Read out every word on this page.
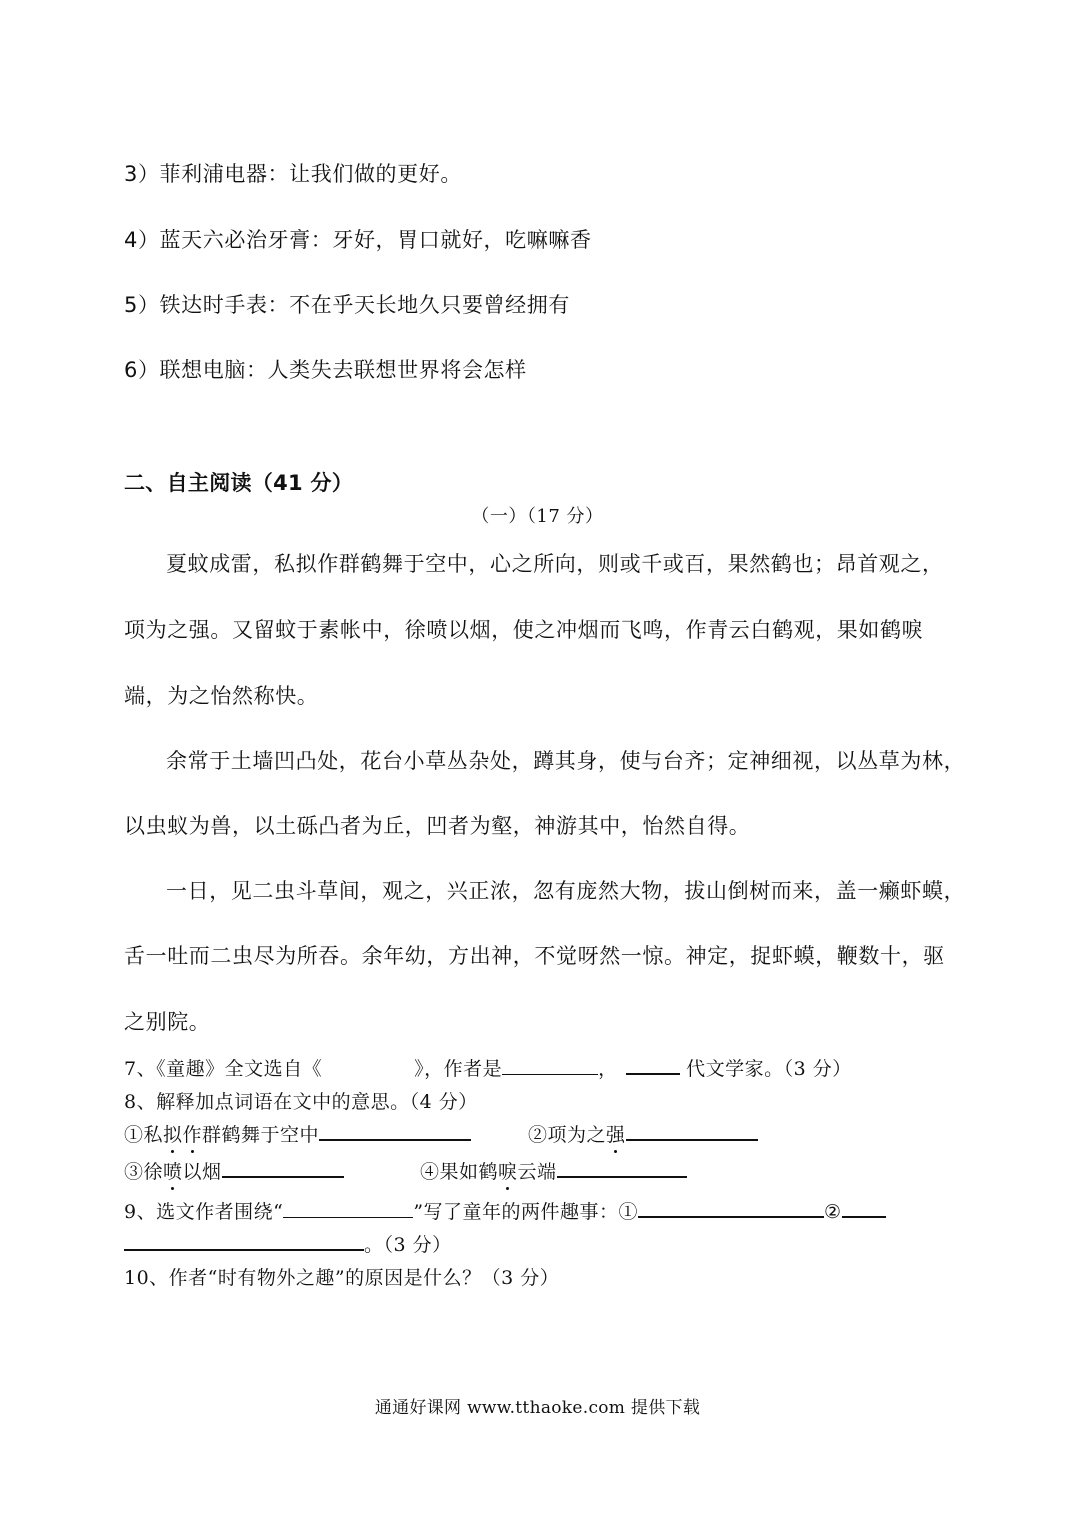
3）菲利浦电器：让我们做的更好。
4）蓝天六必治牙膏：牙好，胃口就好，吃嘛嘛香
5）铁达时手表：不在乎天长地久只要曾经拥有
6）联想电脑：人类失去联想世界将会怎样
二、自主阅读（41 分）
（一）（17 分）
夏蚊成雷，私拟作群鹤舞于空中，心之所向，则或千或百，果然鹤也；昂首观之，
项为之强。又留蚊于素帐中，徐喷以烟，使之冲烟而飞鸣，作青云白鹤观，果如鹤唳
端，为之怡然称快。
余常于土墙凹凸处，花台小草丛杂处，蹲其身，使与台齐；定神细视，以丛草为林，
以虫蚁为兽，以土砾凸者为丘，凹者为壑，神游其中，怡然自得。
一日，见二虫斗草间，观之，兴正浓，忽有庞然大物，拔山倒树而来，盖一癞虾蟆，
舌一吐而二虫尽为所吞。余年幼，方出神，不觉呀然一惊。神定，捉虾蟆，鞭数十，驱
之别院。
7、《童趣》全文选自《	》，作者是	，	代文学家。（3 分）
8、解释加点词语在文中的意思。（4 分）
①私拟作群鹤舞于空中	②项为之强
③徐喷以烟	④果如鹤唳云端
9、选文作者围绕“	”写了童年的两件趣事：①	②
。（3 分）
10、作者“时有物外之趣”的原因是什么？（3 分）
通通好课网 www.tthaoke.com 提供下载
